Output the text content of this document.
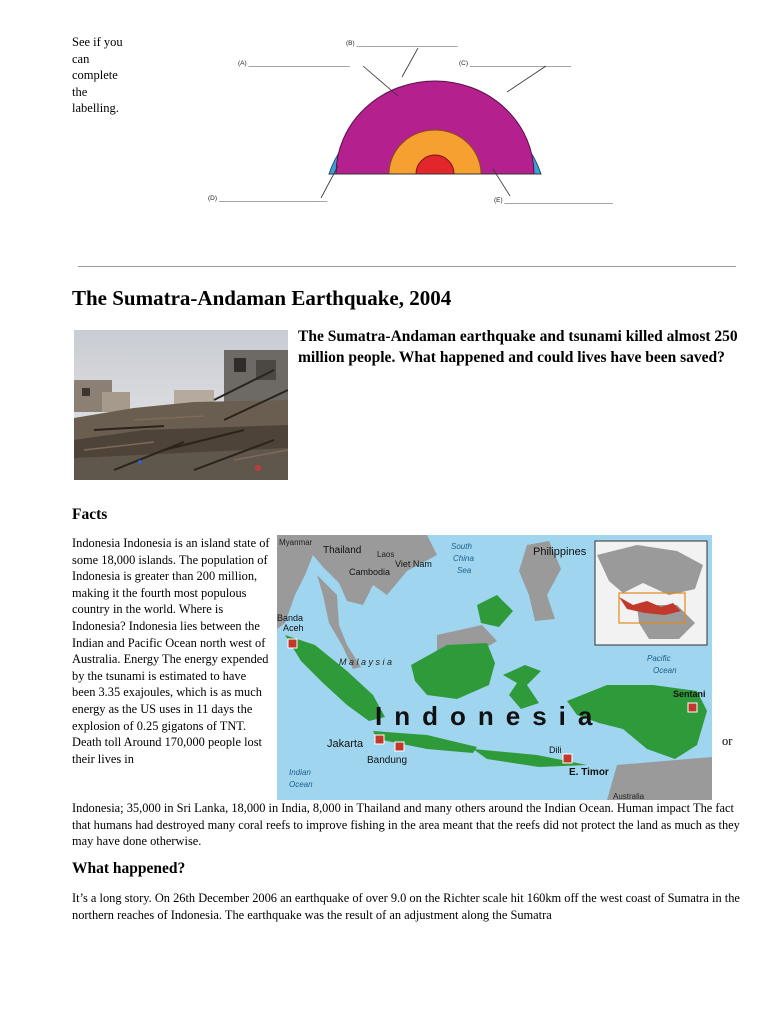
See if you can complete the labelling.
(B) ____________________________
(A) ____________________________	(C) ____________________________
(D) ______________________________	(E) ______________________________
The Sumatra-Andaman Earthquake, 2004

The Sumatra-Andaman earthquake and tsunami killed almost 250 million people. What happened and could lives have been saved?

Facts
Indonesia Indonesia is an island state of some 18,000 islands. The population of Indonesia is greater than 200 million, making it the fourth most populous country in the world. Where is Indonesia? Indonesia lies between the Indian and Pacific Ocean north west of Australia. Energy The energy expended by the tsunami is estimated to have been 3.35 exajoules, which is as much energy as the US uses in 11 days the explosion of 0.25 gigatons of TNT. Death toll Around 170,000 people lost their lives in
Myanmar
Thailand Laos
Cambodia
Viet Nam
South
China
Sea
Philippines
Banda
Aceh
M a l a y s i a	Pacific
Ocean
Indonesia
Sentani
Jakarta
Bandung
Dili
E. Timor
Indian
Ocean
Australia
or
Indonesia; 35,000 in Sri Lanka, 18,000 in India, 8,000 in Thailand and many others around the Indian Ocean. Human impact The fact that humans had destroyed many coral reefs to improve fishing in the area meant that the reefs did not protect the land as much as they may have done otherwise.
What happened?
It’s a long story. On 26th December 2006 an earthquake of over 9.0 on the Richter scale hit 160km off the west coast of Sumatra in the northern reaches of Indonesia. The earthquake was the result of an adjustment along the Sumatra
